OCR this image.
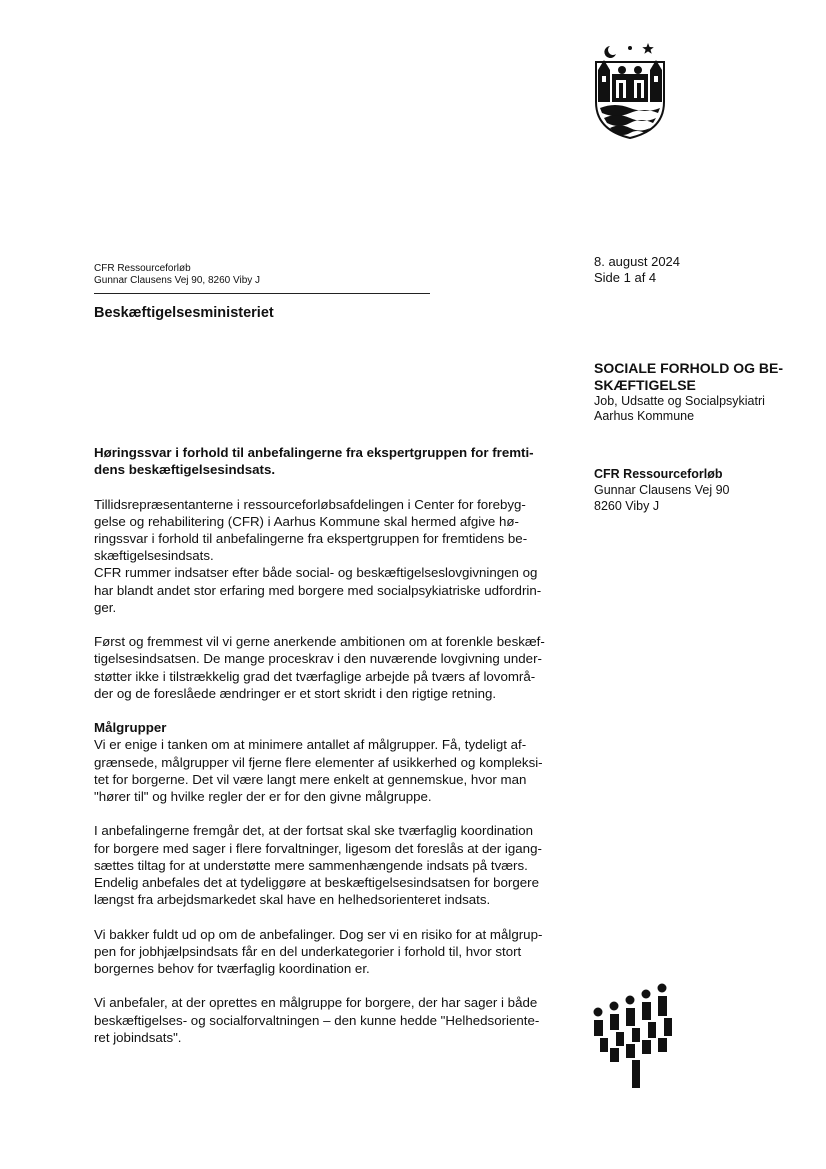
CFR Ressourceforløb
Gunnar Clausens Vej 90, 8260 Viby J
Beskæftigelsesministeriet
8. august 2024
Side 1 af 4
SOCIALE FORHOLD OG BE-
SKÆFTIGELSE
Job, Udsatte og Socialpsykiatri
Aarhus Kommune
CFR Ressourceforløb
Gunnar Clausens Vej 90
8260 Viby J

Høringssvar i forhold til anbefalingerne fra ekspertgruppen for fremti-

dens beskæftigelsesindsats.

Tillidsrepræsentanterne i ressourceforløbsafdelingen i Center for forebyg-

gelse og rehabilitering (CFR) i Aarhus Kommune skal hermed afgive hø-

ringssvar i forhold til anbefalingerne fra ekspertgruppen for fremtidens be-

skæftigelsesindsats.

CFR rummer indsatser efter både social- og beskæftigelseslovgivningen og

har blandt andet stor erfaring med borgere med socialpsykiatriske udfordrin-

ger.

Først og fremmest vil vi gerne anerkende ambitionen om at forenkle beskæf-

tigelsesindsatsen. De mange proceskrav i den nuværende lovgivning under-

støtter ikke i tilstrækkelig grad det tværfaglige arbejde på tværs af lovområ-

der og de foreslåede ændringer er et stort skridt i den rigtige retning.

Målgrupper

Vi er enige i tanken om at minimere antallet af målgrupper. Få, tydeligt af-

grænsede, målgrupper vil fjerne flere elementer af usikkerhed og kompleksi-

tet for borgerne. Det vil være langt mere enkelt at gennemskue, hvor man

"hører til" og hvilke regler der er for den givne målgruppe.

I anbefalingerne fremgår det, at der fortsat skal ske tværfaglig koordination

for borgere med sager i flere forvaltninger, ligesom det foreslås at der igang-

sættes tiltag for at understøtte mere sammenhængende indsats på tværs.

Endelig anbefales det at tydeliggøre at beskæftigelsesindsatsen for borgere

længst fra arbejdsmarkedet skal have en helhedsorienteret indsats.

Vi bakker fuldt ud op om de anbefalinger. Dog ser vi en risiko for at målgrup-

pen for jobhjælpsindsats får en del underkategorier i forhold til, hvor stort

borgernes behov for tværfaglig koordination er.

Vi anbefaler, at der oprettes en målgruppe for borgere, der har sager i både

beskæftigelses- og socialforvaltningen – den kunne hedde "Helhedsoriente-

ret jobindsats".
